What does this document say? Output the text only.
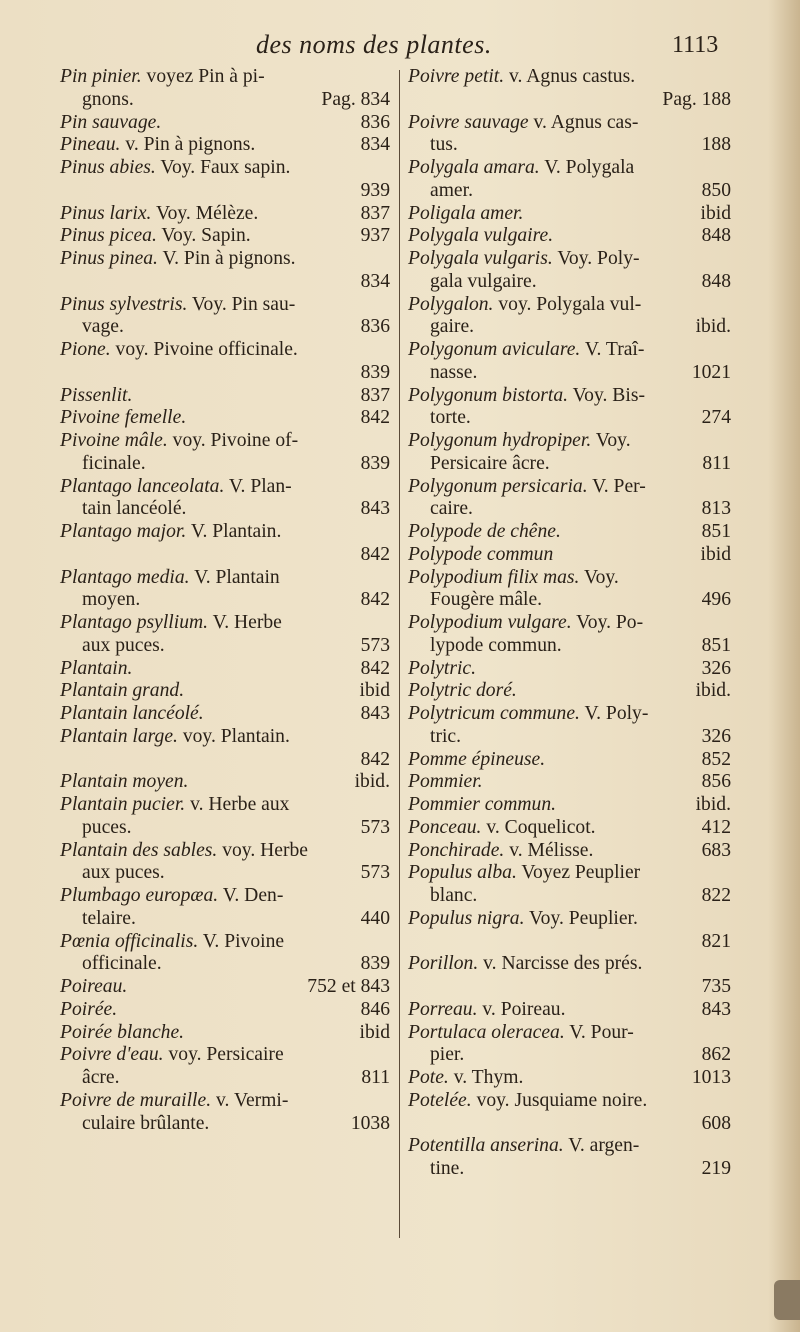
des noms des plantes.	1113
Pin pinier. voyez Pin à pi-
gnons.	Pag. 834
Pin sauvage.	836
Pineau. v. Pin à pignons.	834
Pinus abies. Voy. Faux sapin.
939
Pinus larix. Voy. Mélèze.	837
Pinus picea. Voy. Sapin.	937
Pinus pinea. V. Pin à pignons.
834
Pinus sylvestris. Voy. Pin sau-
vage.	836
Pione. voy. Pivoine officinale.
839
Pissenlit.	837
Pivoine femelle.	842
Pivoine mâle. voy. Pivoine of-
ficinale.	839
Plantago lanceolata. V. Plan-
tain lancéolé.	843
Plantago major. V. Plantain.
842
Plantago media. V. Plantain
moyen.	842
Plantago psyllium. V. Herbe
aux puces.	573
Plantain.	842
Plantain grand.	ibid
Plantain lancéolé.	843
Plantain large. voy. Plantain.
842
Plantain moyen.	ibid.
Plantain pucier. v. Herbe aux
puces.	573
Plantain des sables. voy. Herbe
aux puces.	573
Plumbago europæa. V. Den-
telaire.	440
Pœnia officinalis. V. Pivoine
officinale.	839
Poireau.	752 et 843
Poirée.	846
Poirée blanche.	ibid
Poivre d'eau. voy. Persicaire
âcre.	811
Poivre de muraille. v. Vermi-
culaire brûlante.	1038
Poivre petit. v. Agnus castus.
Pag. 188
Poivre sauvage v. Agnus cas-
tus.	188
Polygala amara. V. Polygala
amer.	850
Poligala amer.	ibid
Polygala vulgaire.	848
Polygala vulgaris. Voy. Poly-
gala vulgaire.	848
Polygalon. voy. Polygala vul-
gaire.	ibid.
Polygonum aviculare. V. Traî-
nasse.	1021
Polygonum bistorta. Voy. Bis-
torte.	274
Polygonum hydropiper. Voy.
Persicaire âcre.	811
Polygonum persicaria. V. Per-
caire.	813
Polypode de chêne.	851
Polypode commun	ibid
Polypodium filix mas. Voy.
Fougère mâle.	496
Polypodium vulgare. Voy. Po-
lypode commun.	851
Polytric.	326
Polytric doré.	ibid.
Polytricum commune. V. Poly-
tric.	326
Pomme épineuse.	852
Pommier.	856
Pommier commun.	ibid.
Ponceau. v. Coquelicot.	412
Ponchirade. v. Mélisse.	683
Populus alba. Voyez Peuplier
blanc.	822
Populus nigra. Voy. Peuplier.
821
Porillon. v. Narcisse des prés.
735
Porreau. v. Poireau.	843
Portulaca oleracea. V. Pour-
pier.	862
Pote. v. Thym.	1013
Potelée. voy. Jusquiame noire.
608
Potentilla anserina. V. argen-
tine.	219
